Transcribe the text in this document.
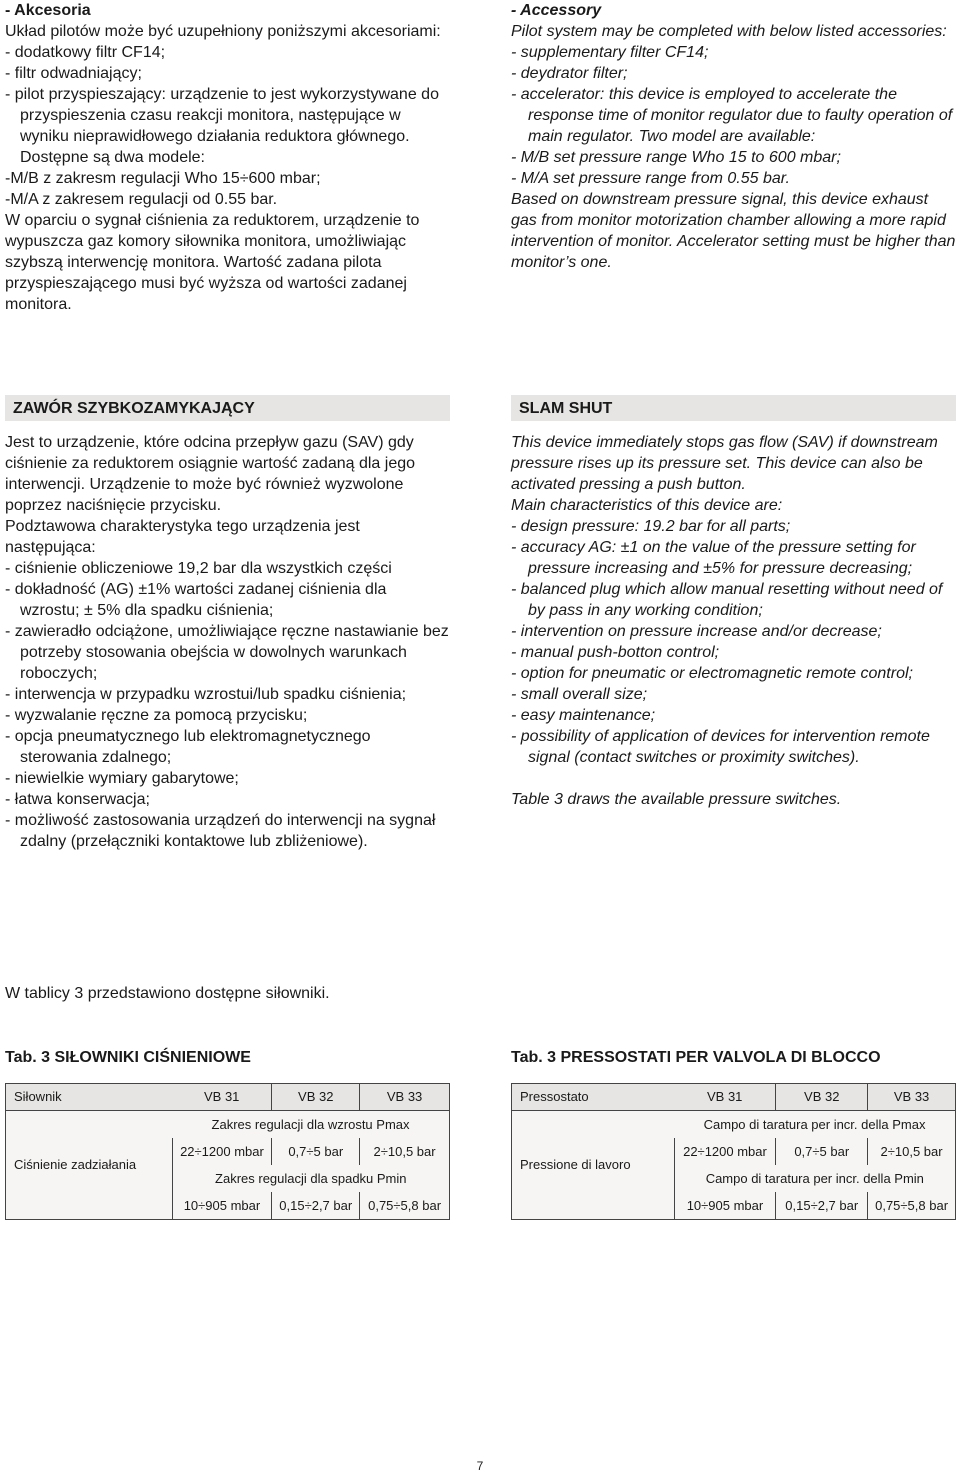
- Akcesoria

Układ pilotów może być uzupełniony poniższymi akcesoriami:

- dodatkowy filtr CF14;

- filtr odwadniający;

- pilot przyspieszający: urządzenie to jest wykorzystywane do przyspieszenia czasu reakcji monitora, następujące w wyniku nieprawidłowego działania reduktora głównego. Dostępne są dwa modele:

-M/B z zakresm regulacji Who 15÷600 mbar;

-M/A z zakresem regulacji od 0.55 bar.

W oparciu o sygnał ciśnienia za reduktorem, urządzenie to wypuszcza gaz komory siłownika monitora, umożliwiając szybszą interwencję monitora. Wartość zadana pilota przyspieszającego musi być wyższa od wartości zadanej monitora.

- Accessory

Pilot system may be completed with below listed accessories:

- supplementary filter CF14;

- deydrator filter;

- accelerator: this device is employed to accelerate the response time of monitor regulator due to faulty operation of main regulator. Two model are available:

- M/B set pressure range Who 15 to 600 mbar;

- M/A set pressure range from 0.55 bar.

Based on downstream pressure signal, this device exhaust gas from monitor motorization chamber allowing a more rapid intervention of monitor. Accelerator setting must be higher than monitor’s one.

ZAWÓR SZYBKOZAMYKAJĄCY	SLAM SHUT

Jest to urządzenie, które odcina przepływ gazu (SAV) gdy ciśnienie za reduktorem osiągnie wartość zadaną dla jego interwencji. Urządzenie to może być również wyzwolone poprzez naciśnięcie przycisku.

Podztawowa charakterystyka tego urządzenia jest następująca:

- ciśnienie obliczeniowe 19,2 bar dla wszystkich części

- dokładność (AG) ±1% wartości zadanej ciśnienia dla wzrostu; ± 5% dla spadku ciśnienia;

- zawieradło odciążone, umożliwiające ręczne nastawianie bez potrzeby stosowania obejścia w dowolnych warunkach roboczych;

- interwencja w przypadku wzrostui/lub spadku ciśnienia;

- wyzwalanie ręczne za pomocą przycisku;

- opcja pneumatycznego lub elektromagnetycznego sterowania zdalnego;

- niewielkie wymiary gabarytowe;

- łatwa konserwacja;

- możliwość zastosowania urządzeń do interwencji na sygnał zdalny (przełączniki kontaktowe lub zbliżeniowe).

This device immediately stops gas flow (SAV) if downstream pressure rises up its pressure set. This device can also be activated pressing a push button.

Main characteristics of this device are:

- design pressure: 19.2 bar for all parts;

- accuracy AG: ±1 on the value of the pressure setting for pressure increasing and ±5% for pressure decreasing;

- balanced plug which allow manual resetting without need of by pass in any working condition;

- intervention on pressure increase and/or decrease;

- manual push-botton control;

- option for pneumatic or electromagnetic remote control;

- small overall size;

- easy maintenance;

- possibility of application of devices for intervention remote signal (contact switches or proximity switches).

Table 3 draws the available pressure switches.

W tablicy 3 przedstawiono dostępne siłowniki.

Tab. 3 SIŁOWNIKI CIŚNIENIOWE	Tab. 3 PRESSOSTATI PER VALVOLA DI BLOCCO
Siłownik	VB 31	VB 32	VB 33
Ciśnienie zadziałania	Zakres regulacji dla wzrostu Pmax		
	22÷1200 mbar	0,7÷5 bar	2÷10,5 bar
	Zakres regulacji dla spadku Pmin		
	10÷905 mbar	0,15÷2,7 bar	0,75÷5,8 bar
Pressostato	VB 31	VB 32	VB 33
Pressione di lavoro	Campo di taratura per incr. della Pmax		
	22÷1200 mbar	0,7÷5 bar	2÷10,5 bar
	Campo di taratura per incr. della Pmin		
	10÷905 mbar	0,15÷2,7 bar	0,75÷5,8 bar
7
